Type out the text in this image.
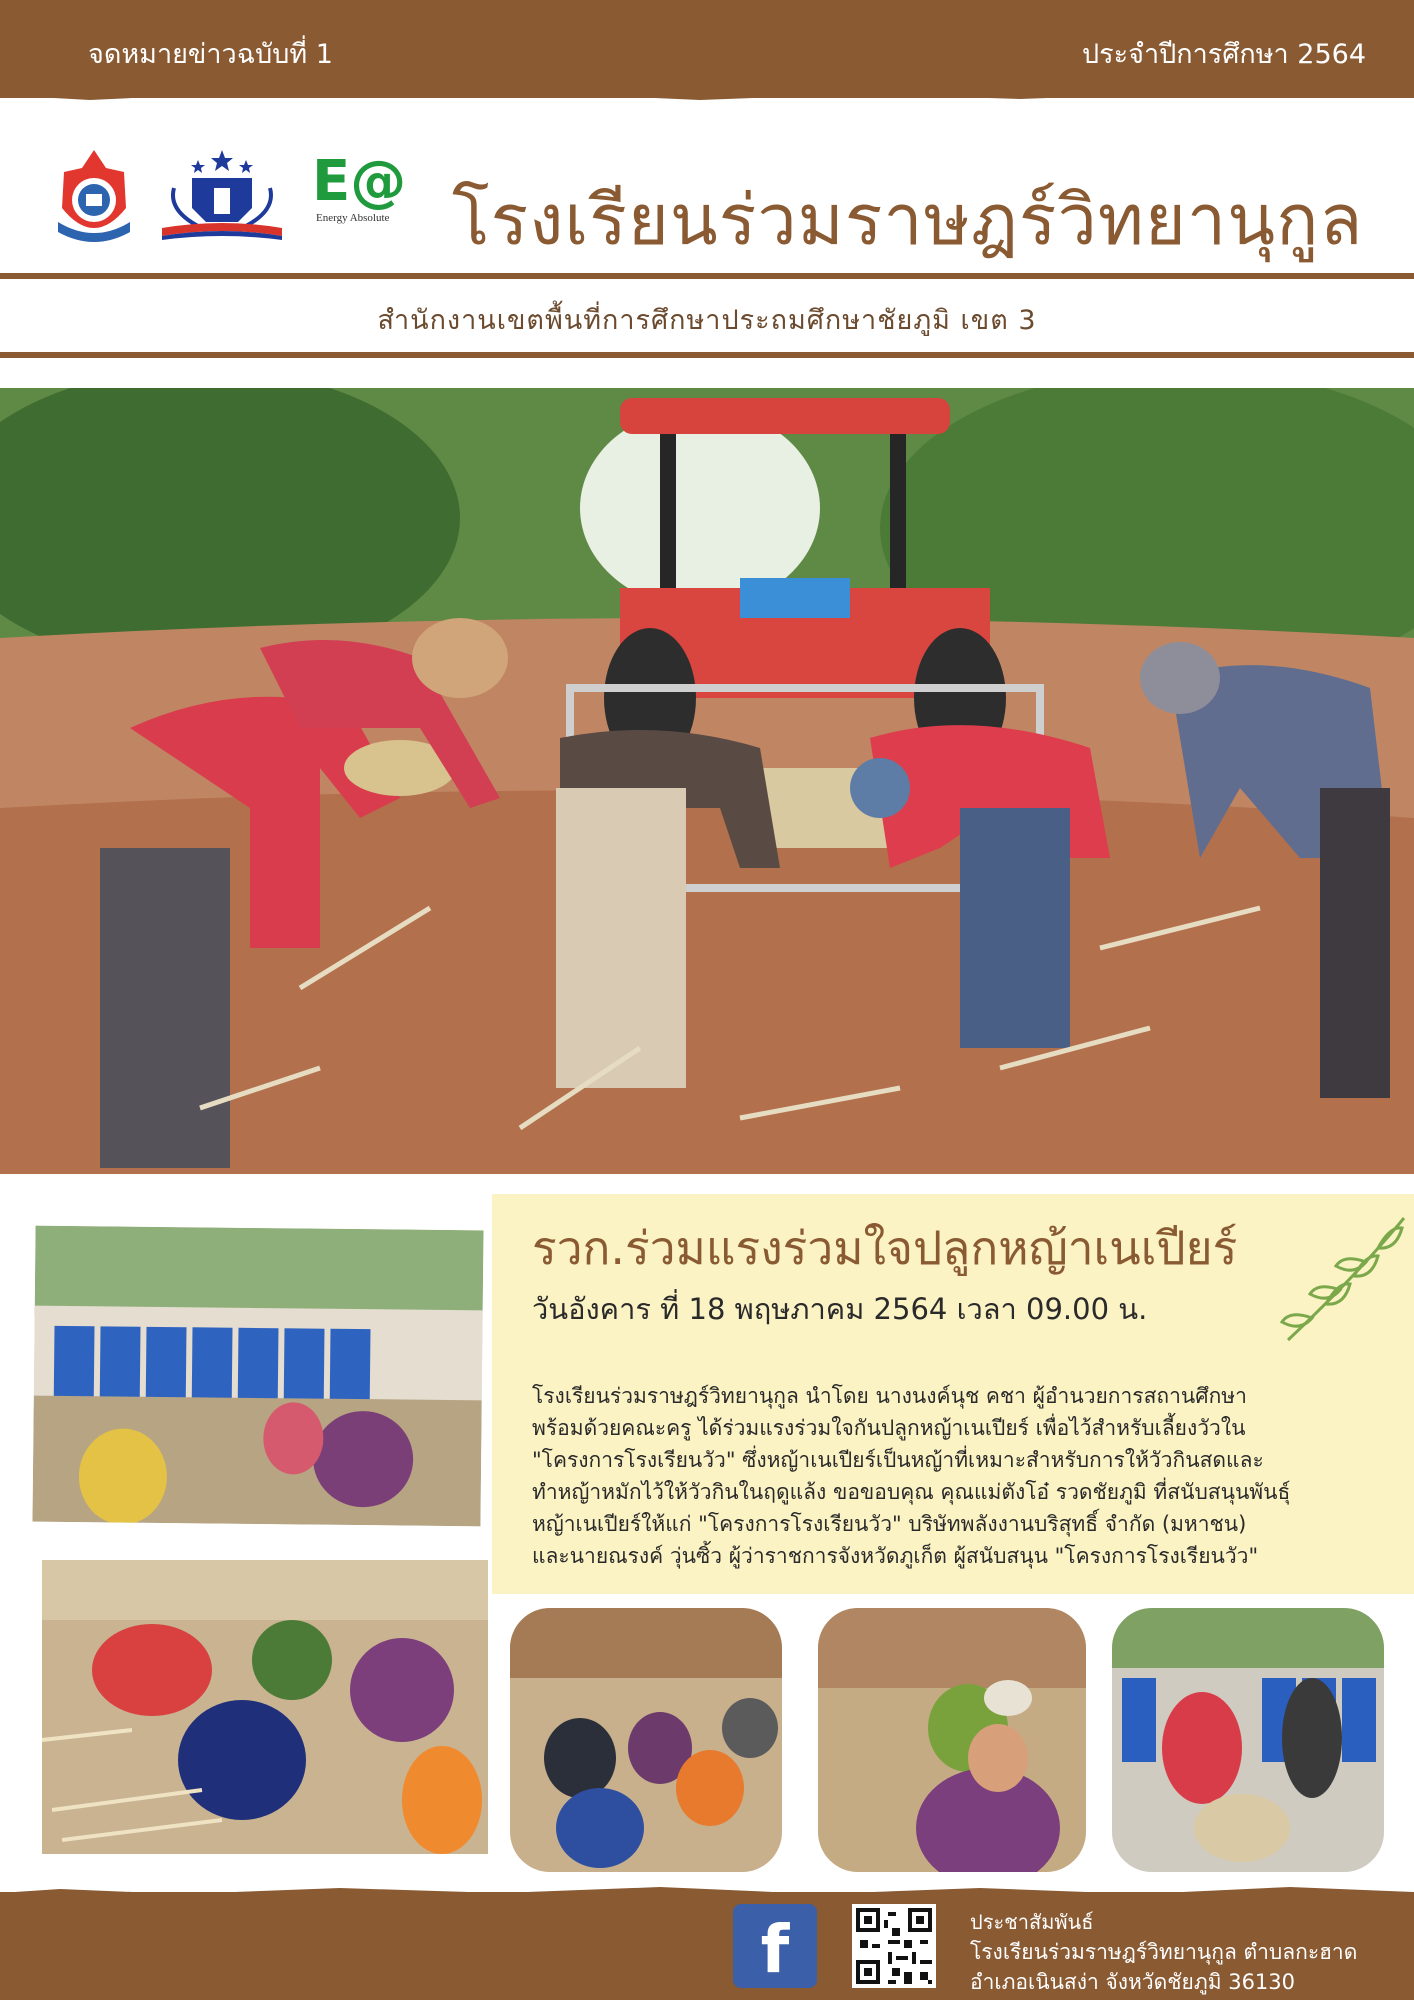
จดหมายข่าวฉบับที่ 1	ประจำปีการศึกษา 2564
E@
Energy Absolute โรงเรียนร่วมราษฎร์วิทยานุกูล
สำนักงานเขตพื้นที่การศึกษาประถมศึกษาชัยภูมิ เขต 3
รวก.ร่วมแรงร่วมใจปลูกหญ้าเนเปียร์
วันอังคาร ที่ 18 พฤษภาคม 2564 เวลา 09.00 น.

โรงเรียนร่วมราษฎร์วิทยานุกูล นำโดย นางนงค์นุช คชา ผู้อำนวยการสถานศึกษา

พร้อมด้วยคณะครู ได้ร่วมแรงร่วมใจกันปลูกหญ้าเนเปียร์ เพื่อไว้สำหรับเลี้ยงวัวใน

"โครงการโรงเรียนวัว" ซึ่งหญ้าเนเปียร์เป็นหญ้าที่เหมาะสำหรับการให้วัวกินสดและ

ทำหญ้าหมักไว้ให้วัวกินในฤดูแล้ง ขอขอบคุณ คุณแม่ตังโอ๋ รวดชัยภูมิ ที่สนับสนุนพันธุ์

หญ้าเนเปียร์ให้แก่ "โครงการโรงเรียนวัว" บริษัทพลังงานบริสุทธิ์ จำกัด (มหาชน)

และนายณรงค์ วุ่นซิ้ว ผู้ว่าราชการจังหวัดภูเก็ต ผู้สนับสนุน "โครงการโรงเรียนวัว"

f	ประชาสัมพันธ์
โรงเรียนร่วมราษฎร์วิทยานุกูล ตำบลกะฮาด
อำเภอเนินสง่า จังหวัดชัยภูมิ 36130
